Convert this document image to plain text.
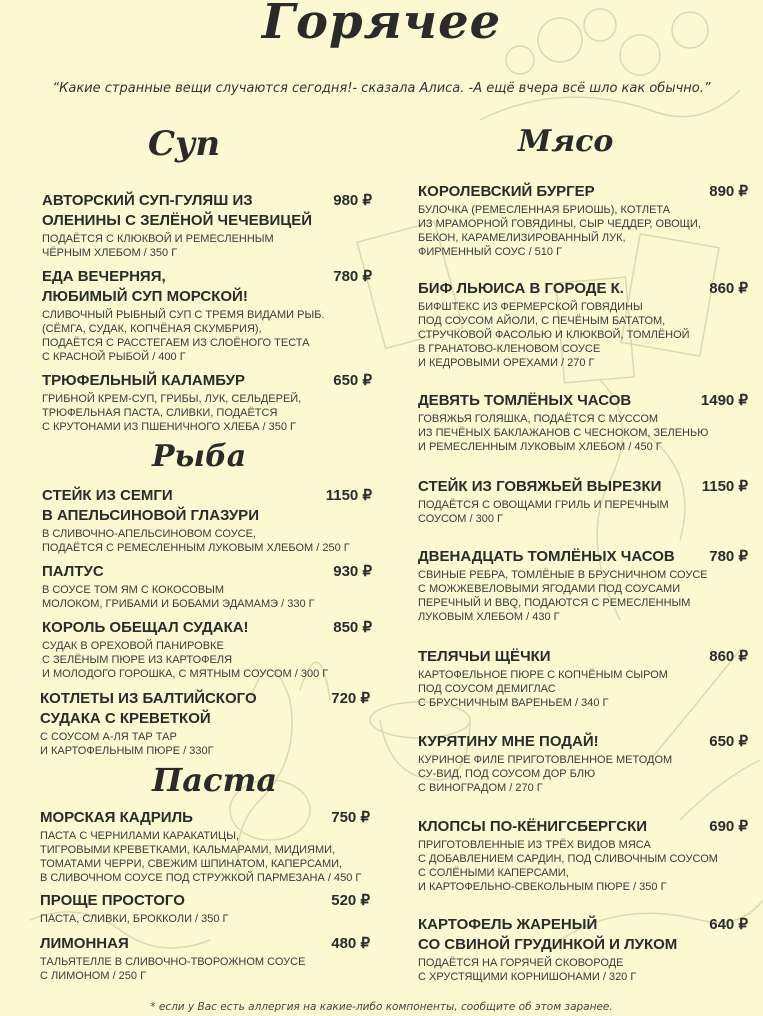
Горячее
“Какие странные вещи случаются сегодня!- сказала Алиса. -А ещё вчера всё шло как обычно.”
Суп
АВТОРСКИЙ СУП-ГУЛЯШ ИЗ
ОЛЕНИНЫ С ЗЕЛЁНОЙ ЧЕЧЕВИЦЕЙ
980 ₽
ПОДАЁТСЯ С КЛЮКВОЙ И РЕМЕСЛЕННЫМ
ЧЁРНЫМ ХЛЕБОМ / 350 Г
ЕДА ВЕЧЕРНЯЯ,
ЛЮБИМЫЙ СУП МОРСКОЙ!
780 ₽
СЛИВОЧНЫЙ РЫБНЫЙ СУП С ТРЕМЯ ВИДАМИ РЫБ.
(СЁМГА, СУДАК, КОПЧЁНАЯ СКУМБРИЯ),
ПОДАЁТСЯ С РАССТЕГАЕМ ИЗ СЛОЁНОГО ТЕСТА
С КРАСНОЙ РЫБОЙ / 400 Г
ТРЮФЕЛЬНЫЙ КАЛАМБУР	650 ₽
ГРИБНОЙ КРЕМ-СУП, ГРИБЫ, ЛУК, СЕЛЬДЕРЕЙ,
ТРЮФЕЛЬНАЯ ПАСТА, СЛИВКИ, ПОДАЁТСЯ
С КРУТОНАМИ ИЗ ПШЕНИЧНОГО ХЛЕБА / 350 Г
Рыба
СТЕЙК ИЗ СЕМГИ
В АПЕЛЬСИНОВОЙ ГЛАЗУРИ
1150 ₽
В СЛИВОЧНО-АПЕЛЬСИНОВОМ СОУСЕ,
ПОДАЁТСЯ С РЕМЕСЛЕННЫМ ЛУКОВЫМ ХЛЕБОМ / 250 Г
ПАЛТУС	930 ₽
В СОУСЕ ТОМ ЯМ С КОКОСОВЫМ
МОЛОКОМ, ГРИБАМИ И БОБАМИ ЭДАМАМЭ / 330 Г
КОРОЛЬ ОБЕЩАЛ СУДАКА!	850 ₽
СУДАК В ОРЕХОВОЙ ПАНИРОВКЕ
С ЗЕЛЁНЫМ ПЮРЕ ИЗ КАРТОФЕЛЯ
И МОЛОДОГО ГОРОШКА, С МЯТНЫМ СОУСОМ / 300 Г
КОТЛЕТЫ ИЗ БАЛТИЙСКОГО
СУДАКА С КРЕВЕТКОЙ
720 ₽
С СОУСОМ А-ЛЯ ТАР ТАР
И КАРТОФЕЛЬНЫМ ПЮРЕ / 330Г
Паста
МОРСКАЯ КАДРИЛЬ	750 ₽
ПАСТА С ЧЕРНИЛАМИ КАРАКАТИЦЫ,
ТИГРОВЫМИ КРЕВЕТКАМИ, КАЛЬМАРАМИ, МИДИЯМИ,
ТОМАТАМИ ЧЕРРИ, СВЕЖИМ ШПИНАТОМ, КАПЕРСАМИ,
В СЛИВОЧНОМ СОУСЕ ПОД СТРУЖКОЙ ПАРМЕЗАНА / 450 Г
ПРОЩЕ ПРОСТОГО	520 ₽
ПАСТА, СЛИВКИ, БРОККОЛИ / 350 Г
ЛИМОННАЯ	480 ₽
ТАЛЬЯТЕЛЛЕ В СЛИВОЧНО-ТВОРОЖНОМ СОУСЕ
С ЛИМОНОМ / 250 Г
Мясо
КОРОЛЕВСКИЙ БУРГЕР	890 ₽
БУЛОЧКА (РЕМЕСЛЕННАЯ БРИОШЬ), КОТЛЕТА
ИЗ МРАМОРНОЙ ГОВЯДИНЫ, СЫР ЧЕДДЕР, ОВОЩИ,
БЕКОН, КАРАМЕЛИЗИРОВАННЫЙ ЛУК,
ФИРМЕННЫЙ СОУС / 510 Г
БИФ ЛЬЮИСА В ГОРОДЕ К.	860 ₽
БИФШТЕКС ИЗ ФЕРМЕРСКОЙ ГОВЯДИНЫ
ПОД СОУСОМ АЙОЛИ, С ПЕЧЁНЫМ БАТАТОМ,
СТРУЧКОВОЙ ФАСОЛЬЮ И КЛЮКВОЙ, ТОМЛЁНОЙ
В ГРАНАТОВО-КЛЕНОВОМ СОУСЕ
И КЕДРОВЫМИ ОРЕХАМИ / 270 Г
ДЕВЯТЬ ТОМЛЁНЫХ ЧАСОВ	1490 ₽
ГОВЯЖЬЯ ГОЛЯШКА, ПОДАЁТСЯ С МУССОМ
ИЗ ПЕЧЁНЫХ БАКЛАЖАНОВ С ЧЕСНОКОМ, ЗЕЛЕНЬЮ
И РЕМЕСЛЕННЫМ ЛУКОВЫМ ХЛЕБОМ / 450 Г
СТЕЙК ИЗ ГОВЯЖЬЕЙ ВЫРЕЗКИ	1150 ₽
ПОДАЁТСЯ С ОВОЩАМИ ГРИЛЬ И ПЕРЕЧНЫМ
СОУСОМ / 300 Г
ДВЕНАДЦАТЬ ТОМЛЁНЫХ ЧАСОВ	780 ₽
СВИНЫЕ РЕБРА, ТОМЛЁНЫЕ В БРУСНИЧНОМ СОУСЕ
С МОЖЖЕВЕЛОВЫМИ ЯГОДАМИ ПОД СОУСАМИ
ПЕРЕЧНЫЙ И BBQ, ПОДАЮТСЯ С РЕМЕСЛЕННЫМ
ЛУКОВЫМ ХЛЕБОМ / 430 Г
ТЕЛЯЧЬИ ЩЁЧКИ	860 ₽
КАРТОФЕЛЬНОЕ ПЮРЕ С КОПЧЁНЫМ СЫРОМ
ПОД СОУСОМ ДЕМИГЛАС
С БРУСНИЧНЫМ ВАРЕНЬЕМ / 340 Г
КУРЯТИНУ МНЕ ПОДАЙ!	650 ₽
КУРИНОЕ ФИЛЕ ПРИГОТОВЛЕННОЕ МЕТОДОМ
СУ-ВИД, ПОД СОУСОМ ДОР БЛЮ
С ВИНОГРАДОМ / 270 Г
КЛОПСЫ ПО-КЁНИГСБЕРГСКИ	690 ₽
ПРИГОТОВЛЕННЫЕ ИЗ ТРЁХ ВИДОВ МЯСА
С ДОБАВЛЕНИЕМ САРДИН, ПОД СЛИВОЧНЫМ СОУСОМ
С СОЛЁНЫМИ КАПЕРСАМИ,
И КАРТОФЕЛЬНО-СВЕКОЛЬНЫМ ПЮРЕ / 350 Г
КАРТОФЕЛЬ ЖАРЕНЫЙ
СО СВИНОЙ ГРУДИНКОЙ И ЛУКОМ
640 ₽
ПОДАЁТСЯ НА ГОРЯЧЕЙ СКОВОРОДЕ
С ХРУСТЯЩИМИ КОРНИШОНАМИ / 320 Г
* если у Вас есть аллергия на какие-либо компоненты, сообщите об этом заранее.
